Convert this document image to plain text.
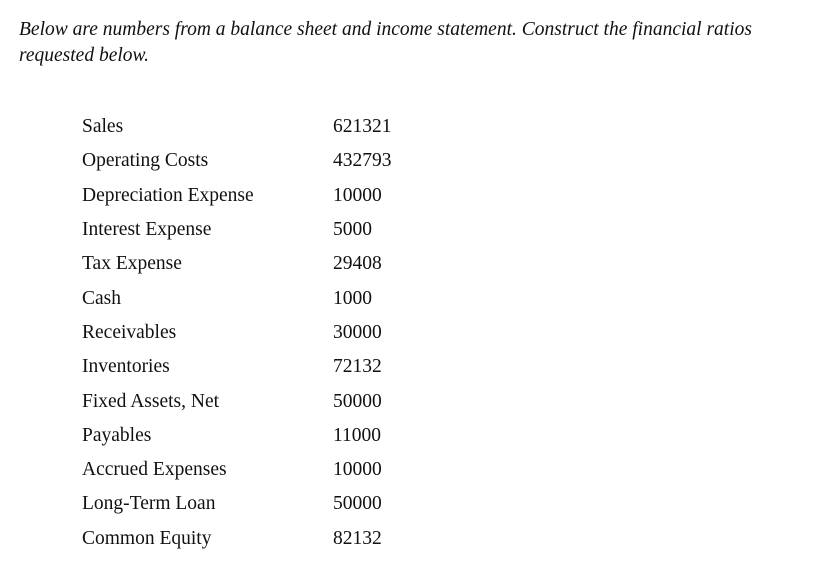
Below are numbers from a balance sheet and income statement. Construct the financial ratios requested below.

Sales	621321
Operating Costs	432793
Depreciation Expense	10000
Interest Expense	5000
Tax Expense	29408
Cash	1000
Receivables	30000
Inventories	72132
Fixed Assets, Net	50000
Payables	11000
Accrued Expenses	10000
Long-Term Loan	50000
Common Equity	82132
